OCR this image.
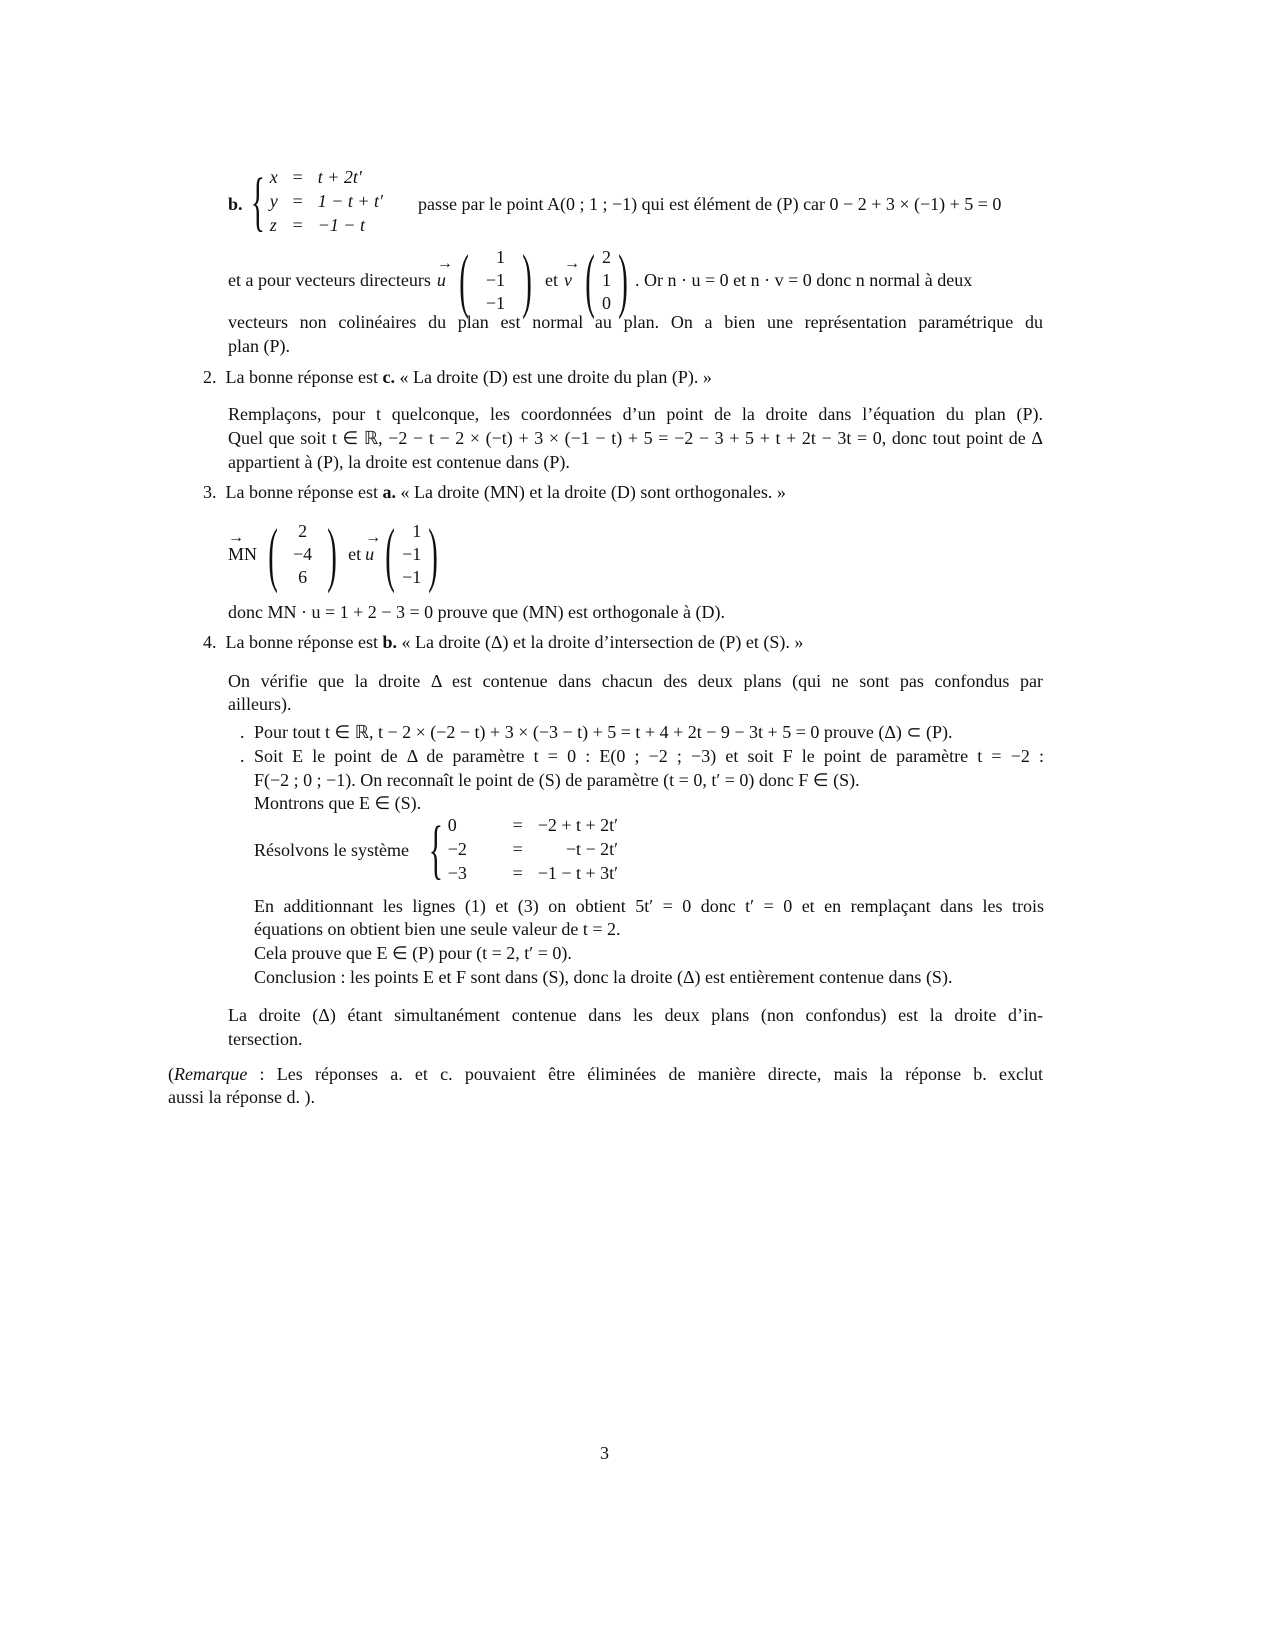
b. { x = t + 2t′
y = 1 − t + t′
z = −1 − t
passe par le point A(0 ; 1 ; −1) qui est élément de (P) car 0 − 2 + 3 × (−1) + 5 = 0
et a pour vecteurs directeurs → u ( 1
−1
−1 ) et → v ( 2
1
0 ) . Or n · u = 0 et n · v = 0 donc n normal à deux
vecteurs non colinéaires du plan est normal au plan. On a bien une représentation paramétrique du
plan (P).
2. La bonne réponse est c. « La droite (D) est une droite du plan (P). »
Remplaçons, pour t quelconque, les coordonnées d’un point de la droite dans l’équation du plan (P).
Quel que soit t ∈ ℝ, −2 − t − 2 × (−t) + 3 × (−1 − t) + 5 = −2 − 3 + 5 + t + 2t − 3t = 0, donc tout point de Δ
appartient à (P), la droite est contenue dans (P).
3. La bonne réponse est a. « La droite (MN) et la droite (D) sont orthogonales. »
→ MN ( 2
−4
6 ) et → u ( 1
−1
−1 )
donc MN · u = 1 + 2 − 3 = 0 prouve que (MN) est orthogonale à (D).
4. La bonne réponse est b. « La droite (Δ) et la droite d’intersection de (P) et (S). »
On vérifie que la droite Δ est contenue dans chacun des deux plans (qui ne sont pas confondus par
ailleurs).
. Pour tout t ∈ ℝ, t − 2 × (−2 − t) + 3 × (−3 − t) + 5 = t + 4 + 2t − 9 − 3t + 5 = 0 prouve (Δ) ⊂ (P).
. Soit E le point de Δ de paramètre t = 0 : E(0 ; −2 ; −3) et soit F le point de paramètre t = −2 :
F(−2 ; 0 ; −1). On reconnaît le point de (S) de paramètre (t = 0, t′ = 0) donc F ∈ (S).
Montrons que E ∈ (S).
Résolvons le système { 0	= −2 + t + 2t′
−2	=	−t − 2t′
−3	= −1 − t + 3t′
En additionnant les lignes (1) et (3) on obtient 5t′ = 0 donc t′ = 0 et en remplaçant dans les trois
équations on obtient bien une seule valeur de t = 2.
Cela prouve que E ∈ (P) pour (t = 2, t′ = 0).
Conclusion : les points E et F sont dans (S), donc la droite (Δ) est entièrement contenue dans (S).
La droite (Δ) étant simultanément contenue dans les deux plans (non confondus) est la droite d’in-
tersection.
(Remarque : Les réponses a. et c. pouvaient être éliminées de manière directe, mais la réponse b. exclut
aussi la réponse d. ).
3
